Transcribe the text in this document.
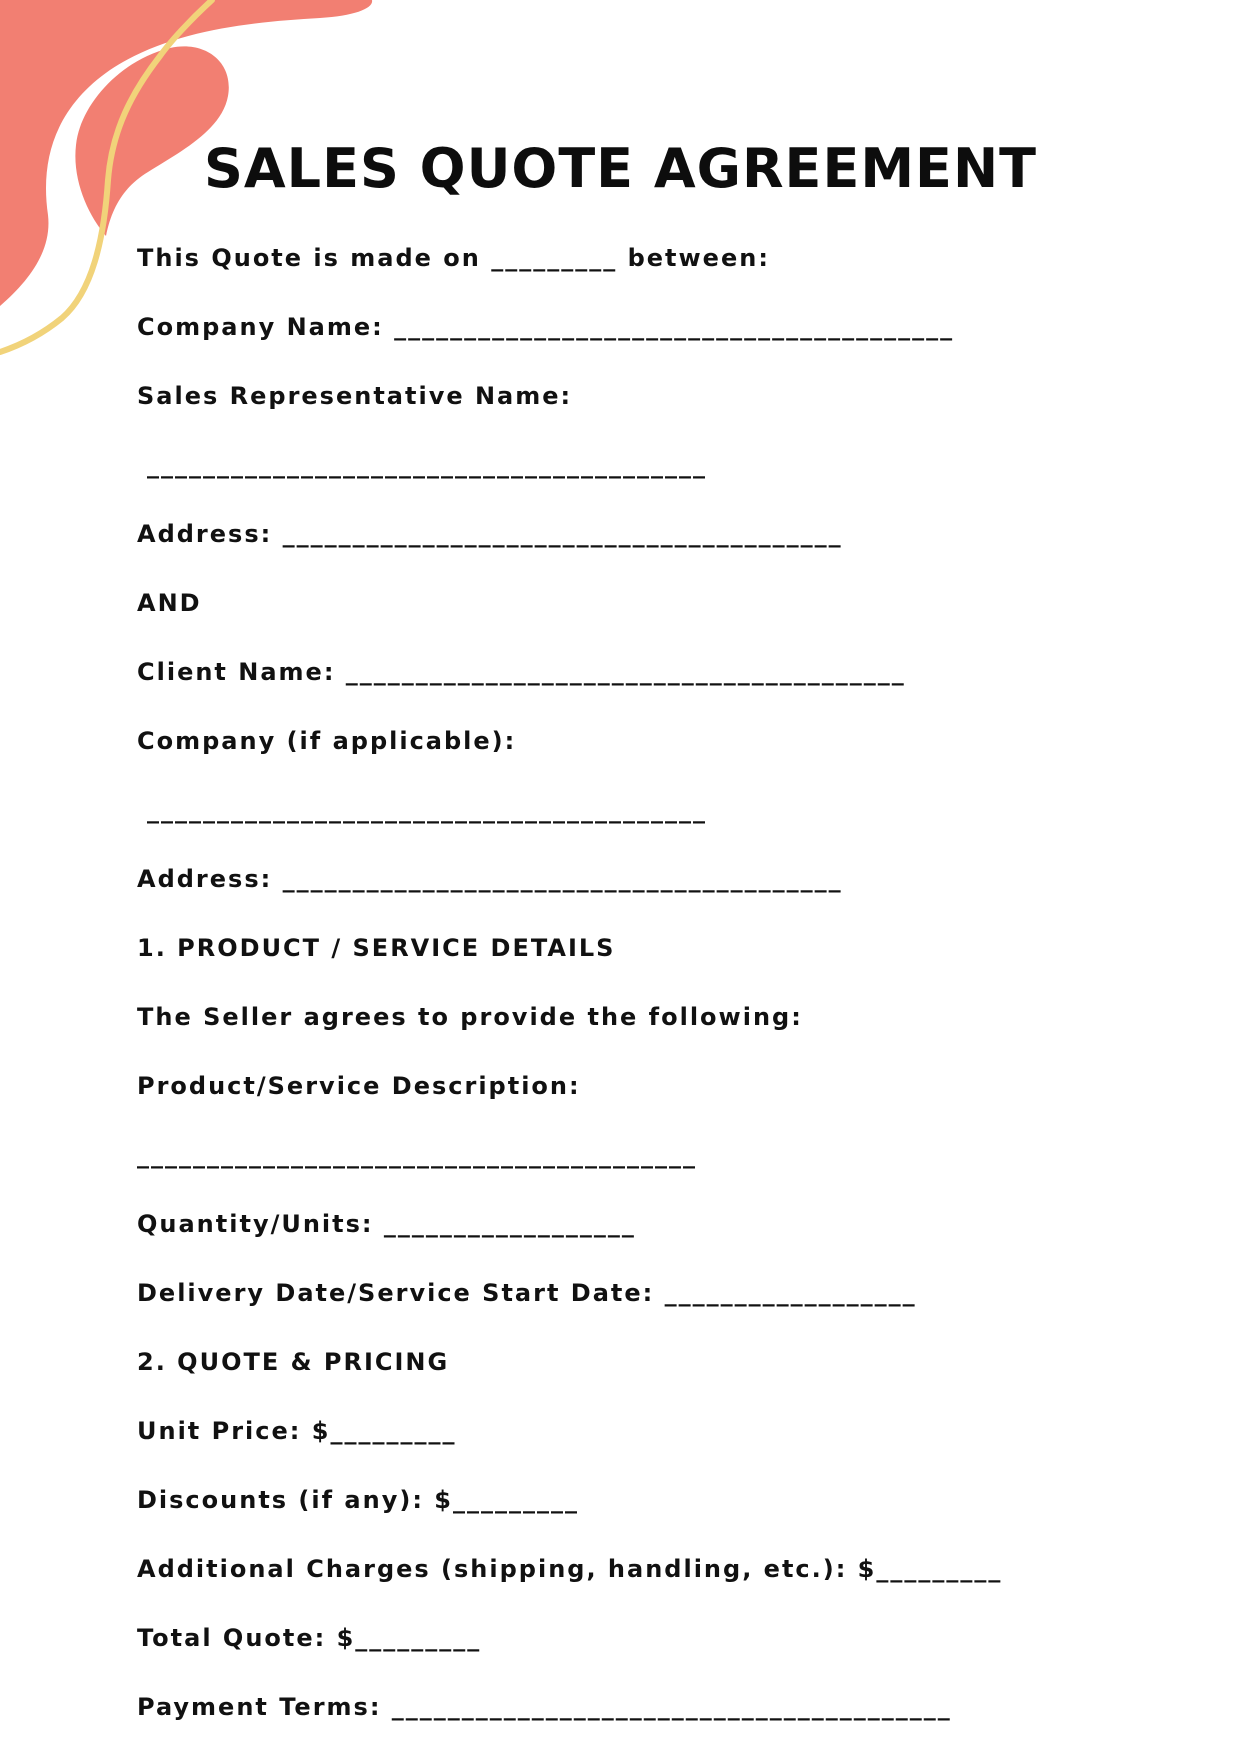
SALES QUOTE AGREEMENT

This Quote is made on _________ between:

Company Name: ________________________________________

Sales Representative Name:

________________________________________

Address: ________________________________________

AND

Client Name: ________________________________________

Company (if applicable):

________________________________________

Address: ________________________________________

1. PRODUCT / SERVICE DETAILS

The Seller agrees to provide the following:

Product/Service Description:

________________________________________

Quantity/Units: __________________

Delivery Date/Service Start Date: __________________

2. QUOTE & PRICING

Unit Price: $_________

Discounts (if any): $_________

Additional Charges (shipping, handling, etc.): $_________

Total Quote: $_________

Payment Terms: ________________________________________
